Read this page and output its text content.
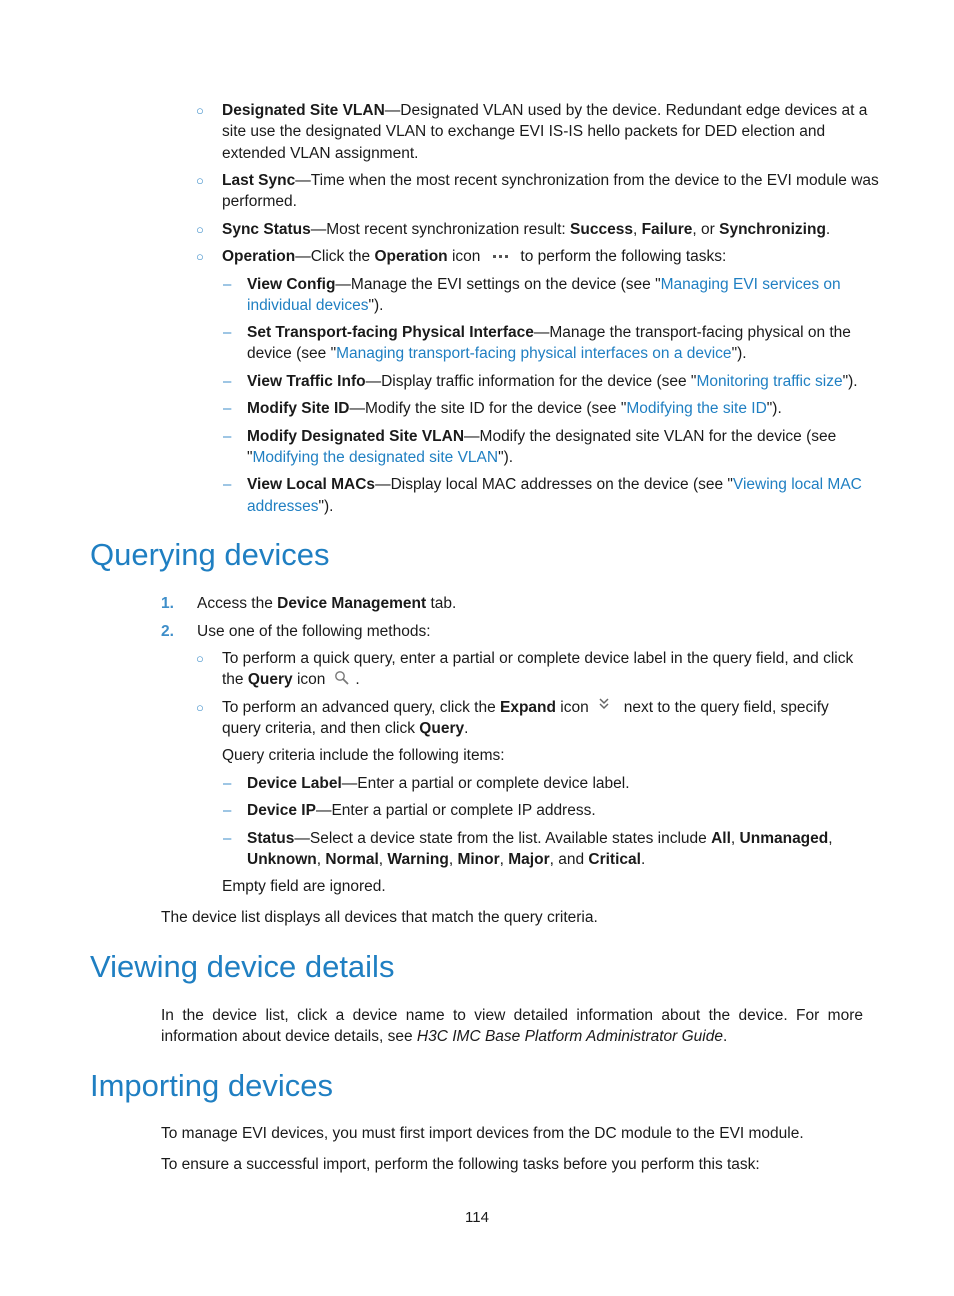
○ Designated Site VLAN—Designated VLAN used by the device. Redundant edge devices at a
site use the designated VLAN to exchange EVI IS-IS hello packets for DED election and
extended VLAN assignment.
○ Last Sync—Time when the most recent synchronization from the device to the EVI module was
performed.
○ Sync Status—Most recent synchronization result: Success, Failure, or Synchronizing.
○ Operation—Click the Operation icon	to perform the following tasks:
– View Config—Manage the EVI settings on the device (see "Managing EVI services on
individual devices").
– Set Transport-facing Physical Interface—Manage the transport-facing physical on the
device (see "Managing transport-facing physical interfaces on a device").
– View Traffic Info—Display traffic information for the device (see "Monitoring traffic size").
– Modify Site ID—Modify the site ID for the device (see "Modifying the site ID").
– Modify Designated Site VLAN—Modify the designated site VLAN for the device (see
"Modifying the designated site VLAN").
– View Local MACs—Display local MAC addresses on the device (see "Viewing local MAC
addresses").
Querying devices
1. Access the Device Management tab.
2. Use one of the following methods:
○ To perform a quick query, enter a partial or complete device label in the query field, and click
the Query icon .
○ To perform an advanced query, click the Expand icon next to the query field, specify
query criteria, and then click Query.
Query criteria include the following items:
– Device Label—Enter a partial or complete device label.
– Device IP—Enter a partial or complete IP address.
– Status—Select a device state from the list. Available states include All, Unmanaged,
Unknown, Normal, Warning, Minor, Major, and Critical.
Empty field are ignored.
The device list displays all devices that match the query criteria.
Viewing device details
In the device list, click a device name to view detailed information about the device. For more information about device details, see H3C IMC Base Platform Administrator Guide.
Importing devices
To manage EVI devices, you must first import devices from the DC module to the EVI module.
To ensure a successful import, perform the following tasks before you perform this task:
114
